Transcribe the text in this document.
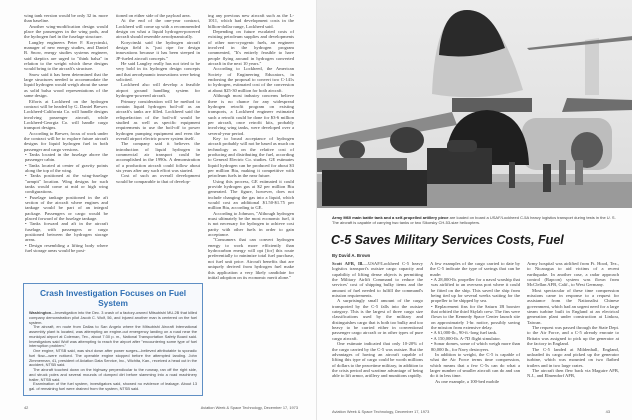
wing tank version would be only 32 in. more than baseline.

Another wing-modification design would place the passengers in the wing pods, and the hydrogen fuel in the fuselage structure.

Langley engineers Peter F. Korycinski, manager of new energy studies, and Daniel B. Snow, energy studies systems engineer, said skeptics are urged to "think balsa" in relation to the weight which these designs would bring to the aircraft's structure.

Snow said it has been determined that the large structures needed to accommodate the liquid hydrogen would weigh about the same as solid balsa wood representations of the same design.

Efforts at Lockheed on the hydrogen contract will be headed by G. Daniel Brewer. Lockheed-California Co. will handle designs involving passenger aircraft, while Lockheed-Georgia Co. will handle cargo transport designs.

According to Brewer, focus of work under the contract will be to explore future aircraft designs for liquid hydrogen fuel in both passenger and cargo versions.

• Tanks located in the fuselage above the passenger cabin.

• Tanks located at center of gravity points along the top of the wing.

• Tanks positioned at the wing-fuselage "armpit" location. Wing designs for such tanks would come at mid or high wing configurations.

• Fuselage tankage positioned in the aft section of the aircraft where engines and tankage would be part of an integral package. Passengers or cargo would be placed forward of the fuselage tankage.

• Tanks forward and aft in the aircraft fuselage, with passengers or cargo positioned between the hydrogen storage areas.

• Design resembling a lifting body where fuel storage areas would be posi-

tioned on either side of the payload area.

At the end of the one-year contract, Lockheed will come up with a recommended design on what a liquid hydrogen-powered aircraft should resemble aerodynamically.

Korycinski said the hydrogen aircraft design field is "just ripe for design innovations because it has been steeped in JP-fueled aircraft concepts."

He said Langley really has not tried to be very bold in its hydrogen design concepts and that aerodynamic innovations were being solicited.

Lockheed also will develop a feasible airport ground handling system for hydrogen-powered aircraft.

Primary consideration will be method to contain liquid hydrogen boil-off as an aircraft's tanks are filled. Lockheed said the reliquefaction of the boil-off would be studied as well as specific equipment requirements to use the boil-off to power hydrogen pumping equipment and even the overall airport electric power system itself.

The company said it believes the introduction of liquid hydrogen in commercial air transport could be accomplished in the 1990s. A demonstration of a production aircraft could follow about six years after any such effort was started.

Cost of such an overall development would be comparable to that of develop-

ing any previous new aircraft such as the L-1011, which had development costs in the billion-dollar range, Lockheed said.

Depending on future escalated costs of existing petroleum supplies and developments of other non-cryogenic fuels, an engineer involved in the hydrogen program commented, "It's entirely feasible to have people flying around in hydrogen converted aircraft in the next 10 years."

According to Lockheed, the American Society of Engineering Educators, in endorsing the proposal to convert two C-141s to hydrogen, estimated cost of the conversion at about $25-30 million for both aircraft.

Although most industry concerns believe there is no chance for any widespread hydrogen retrofit program on existing transports, a Lockheed engineer estimated such a retrofit could be done for $3-6 million per aircraft, once retrofit kits, probably involving wing tanks, were developed over a several-year period.

Key to broad acceptance of hydrogen aircraft probably will not be based as much on technology as on the relative cost of producing and distributing the fuel, according to General Electric Co. studies. GE estimates liquid hydrogen can be produced for about $3 per million Btu, making it competitive with petroleum fuels in the near future.

Using this process, GE estimated it could provide hydrogen gas at $2 per million Btu generated. The figure, however, does not include changing the gas into a liquid, which would cost an additional $1.50-$1.75 per million Btu, according to GE.

According to Johnson, "Although hydrogen must ultimately be the most economic fuel, it is not necessary for hydrogen to achieve cost parity with other fuels in order to gain acceptance.

"Consumers that can convert hydrogen energy to work more efficiently than hydrocarbon energy will opt [for] this route preferentially to minimize total fuel purchase, not fuel unit price. Aircraft benefits that are uniquely derived from hydrogen fuel make this application a very likely candidate for initial adoption on its economic merit alone."

Crash Investigation Focuses on Fuel System

Washington—Investigation into the Dec. 3 crash of a factory-owned Mitsubishi MU-2B that killed company demonstration pilot Jacob C. Wolf, 56, and injured another man is centered on the fuel system.

The aircraft, en route from Dallas to San Angelo where the Mitsubishi Aircraft International assembly plant is located, was attempting an engine-out emergency landing on a road near the municipal airport at Coleman, Tex., about 7:30 p. m., National Transportation Safety Board said. Investigators said Wolf was attempting to reach the airport after "encountering some type of fuel interruption problem."

One engine, NTSB said, was shut down after power surges—believed attributable to sporadic fuel flow—were noticed. The operable engine stopped before the attempted landing. John Zimmerman, 41, president of Aviation Data Service, Inc., Wichita, Kan., received a head cut in the accident, NTSB said.

The aircraft touched down on the highway perpendicular to the runway, ran off the right side, and struck poles and several mounds of dumped dirt before slamming into a road machinery trailer, NTSB said.

Examination of the fuel system, investigators said, showed no evidence of leakage. About 13 gal. of remaining fuel were drained from the system, NTSB said.

42	Aviation Week & Space Technology, December 17, 1973
Army M60 main battle tank and a self-propelled artillery piece are loaded on board a USAF/Lockheed C-5A heavy logistics transport during tests in the U. S. The aircraft is capable of carrying two tanks or two Sikorsky CH-53-size helicopters.
C-5 Saves Military Services Costs, Fuel
By David A. Brown

Scott AFB, Ill.—USAF/Lockheed C-5 heavy logistics transport's outsize cargo capacity and capability of lifting dense objects is permitting the Military Airlift Command to reduce the services' cost of shipping bulky items and the amount of fuel needed to fulfill the command's mission requirements.

A surprisingly small amount of the cargo transported by the C-5 falls into the outsize category. This is the largest of three cargo size classifications used by the military and distinguishes cargo that is both too bulky and too heavy to be carried either in conventional passenger cargo aircraft or in other types of pure cargo aircraft.

One estimate indicated that only 10-20% of the cargo carried by the C-5 was outsize. But the advantages of having an aircraft capable of lifting this type of cargo could be worth millions of dollars to the peacetime military, in addition to the crisis period and wartime advantage of being able to lift armor, artillery and munitions rapidly.

A few examples of the cargo carried to date by the C-5 indicate the type of savings that can be made:

• A 28,000-lb. propeller for a naval warship that was airlifted to an overseas port where it could be fitted on the ship. This saved the ship from being tied up for several weeks waiting for the propeller to be shipped by sea.

• Replacement fins for the Saturn 1B booster that orbited the third Skylab crew. The fins were flown to the Kennedy Space Center launch site on approximately 1-hr. notice, possibly saving the mission from extensive delay.

• A 61,000-lb., 90-ft.-long fuel tank.

• A 150,000-lb. A-7D flight simulator.

• Sonar domes, some of which weigh more than 80,000 lb., for Navy destroyers.

In addition to weight, the C-5 is capable of what the Air Force terms time compression, which means that a few C-5s can do what a larger number of smaller aircraft can do and can do it in less time.

As one example, a 100-bed mobile

Army hospital was airlifted from Ft. Hood, Tex., to Nicaragua to aid victims of a recent earthquake. In another case, a radar approach control (Rapcon) system was flown from McClellan AFB, Calif., to West Germany.

Most spectacular of these time compression missions came in response to a request for assistance from the Nationalist Chinese government, which had an urgent need for a large steam turbine built in England at an electrical generation plant under construction at Linkou, Taiwan.

The request was passed through the State Dept. to the Air Force, and a C-5 already enroute to Britain was assigned to pick up the generator at the factory in England.

The C-5 landed at Mildenhall, England, unloaded its cargo and picked up the generator turbine, which was mounted on two flatbed trailers and in two large crates.

The aircraft then flew back via Maguire AFB, N.J., and Elmendorf AFB,

Aviation Week & Space Technology, December 17, 1973	43
